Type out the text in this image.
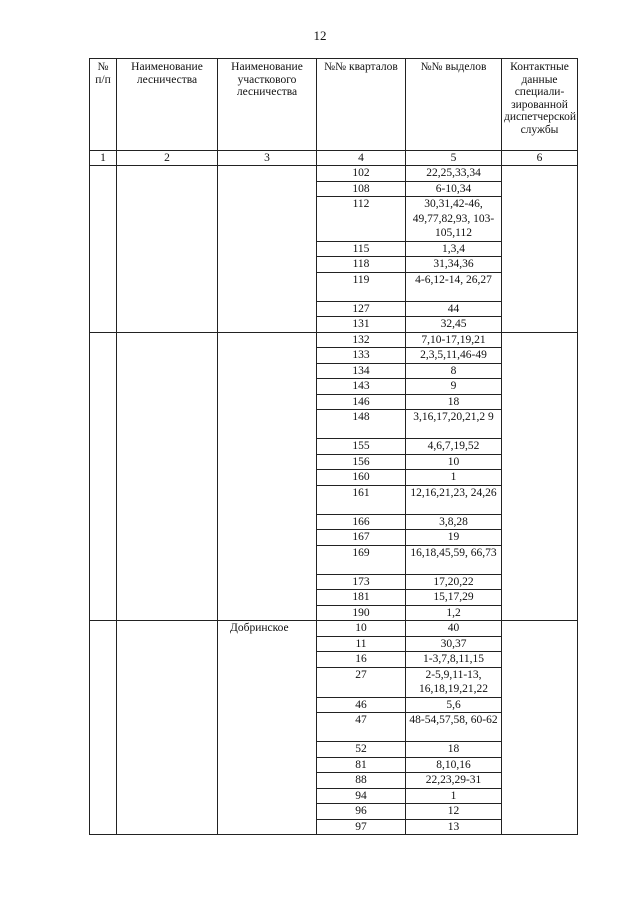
12
№ п/п	Наименование лесничества	Наименование участкового лесничества	№№ кварталов	№№ выделов	Контактные данные специали-зированной диспетчерской службы
1	2	3	4	5	6
			102	22,25,33,34	
			108	6-10,34	
			112	30,31,42-46, 49,77,82,93, 103-105,112	
			115	1,3,4	
			118	31,34,36	
			119	4-6,12-14, 26,27	
			127	44	
			131	32,45	
			132	7,10-17,19,21	
			133	2,3,5,11,46-49	
			134	8	
			143	9	
			146	18	
			148	3,16,17,20,21,2 9	
			155	4,6,7,19,52	
			156	10	
			160	1	
			161	12,16,21,23, 24,26	
			166	3,8,28	
			167	19	
			169	16,18,45,59, 66,73	
			173	17,20,22	
			181	15,17,29	
			190	1,2	
		Добринское	10	40	
			11	30,37	
			16	1-3,7,8,11,15	
			27	2-5,9,11-13, 16,18,19,21,22	
			46	5,6	
			47	48-54,57,58, 60-62	
			52	18	
			81	8,10,16	
			88	22,23,29-31	
			94	1	
			96	12	
			97	13	
